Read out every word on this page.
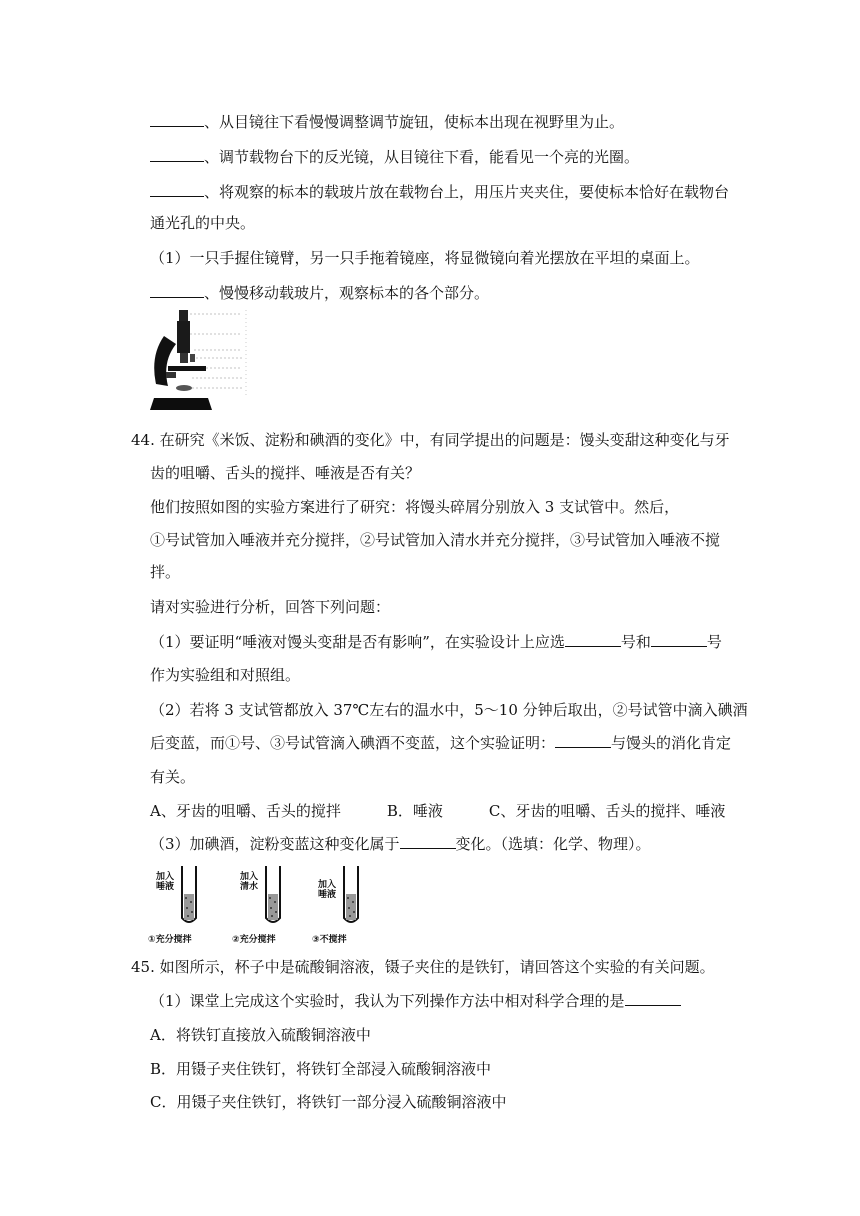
、从目镜往下看慢慢调整调节旋钮，使标本出现在视野里为止。
、调节载物台下的反光镜，从目镜往下看，能看见一个亮的光圈。
、将观察的标本的载玻片放在载物台上，用压片夹夹住，要使标本恰好在载物台
通光孔的中央。
（1）一只手握住镜臂，另一只手拖着镜座，将显微镜向着光摆放在平坦的桌面上。
、慢慢移动载玻片，观察标本的各个部分。
44. 在研究《米饭、淀粉和碘酒的变化》中，有同学提出的问题是：馒头变甜这种变化与牙
齿的咀嚼、舌头的搅拌、唾液是否有关？
他们按照如图的实验方案进行了研究：将馒头碎屑分别放入 3 支试管中。然后，
①号试管加入唾液并充分搅拌，②号试管加入清水并充分搅拌，③号试管加入唾液不搅
拌。
请对实验进行分析，回答下列问题：
（1）要证明“唾液对馒头变甜是否有影响”，在实验设计上应选	号和	号
作为实验组和对照组。
（2）若将 3 支试管都放入 37℃左右的温水中，5～10 分钟后取出，②号试管中滴入碘酒
后变蓝，而①号、③号试管滴入碘酒不变蓝，这个实验证明：	与馒头的消化肯定
有关。
A、牙齿的咀嚼、舌头的搅拌	B．唾液	C、牙齿的咀嚼、舌头的搅拌、唾液
（3）加碘酒，淀粉变蓝这种变化属于	变化。（选填：化学、物理）。
加入唾液
①充分搅拌
加入清水
②充分搅拌
加入唾液
③不搅拌
45. 如图所示，杯子中是硫酸铜溶液，镊子夹住的是铁钉，请回答这个实验的有关问题。
（1）课堂上完成这个实验时，我认为下列操作方法中相对科学合理的是
A．将铁钉直接放入硫酸铜溶液中
B．用镊子夹住铁钉，将铁钉全部浸入硫酸铜溶液中
C．用镊子夹住铁钉，将铁钉一部分浸入硫酸铜溶液中
